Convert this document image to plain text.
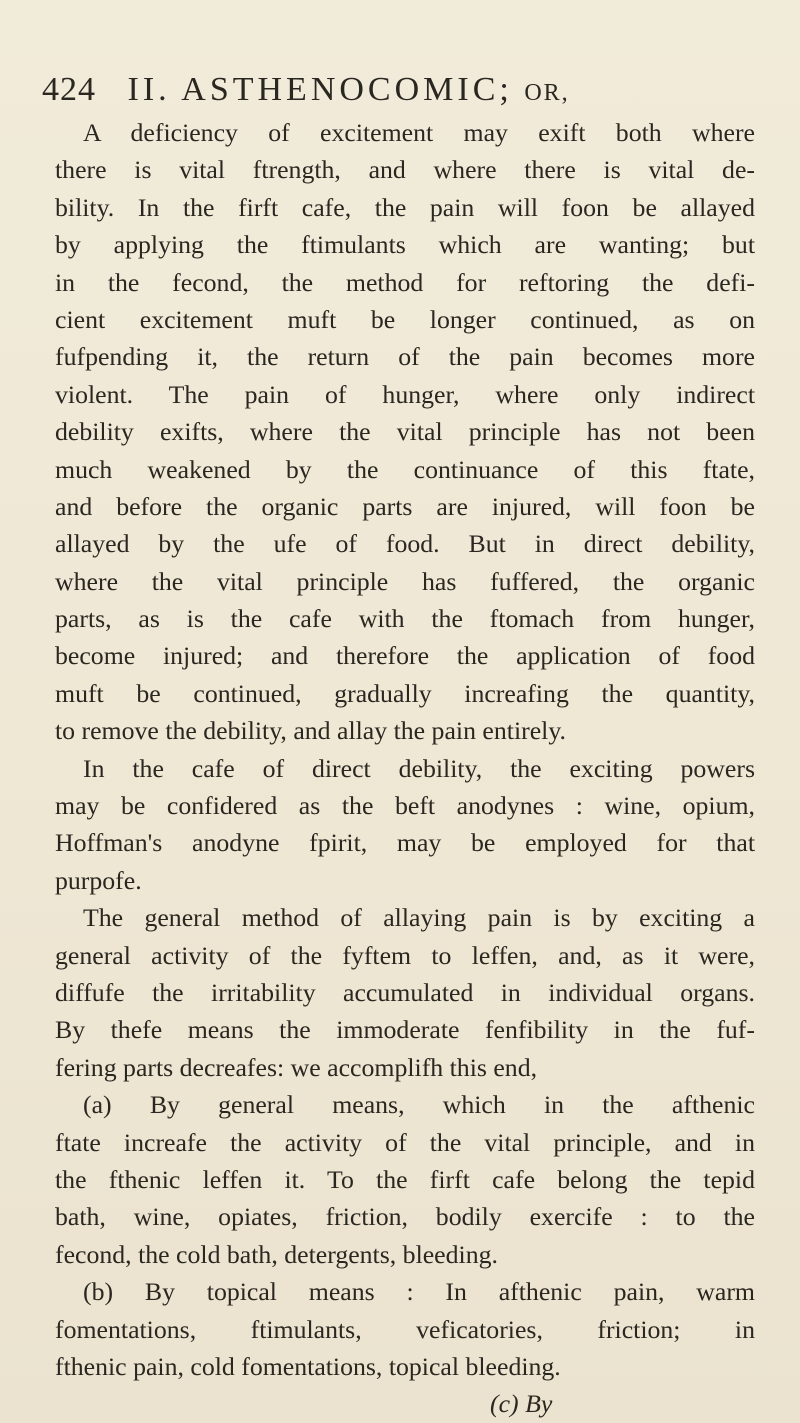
424 II. ASTHENOCOMIC; OR,
A deficiency of excitement may exift both where
there is vital ftrength, and where there is vital de-
bility. In the firft cafe, the pain will foon be allayed
by applying the ftimulants which are wanting; but
in the fecond, the method for reftoring the defi-
cient excitement muft be longer continued, as on
fufpending it, the return of the pain becomes more
violent. The pain of hunger, where only indirect
debility exifts, where the vital principle has not been
much weakened by the continuance of this ftate,
and before the organic parts are injured, will foon be
allayed by the ufe of food. But in direct debility,
where the vital principle has fuffered, the organic
parts, as is the cafe with the ftomach from hunger,
become injured; and therefore the application of food
muft be continued, gradually increafing the quantity,
to remove the debility, and allay the pain entirely.
In the cafe of direct debility, the exciting powers
may be confidered as the beft anodynes : wine, opium,
Hoffman's anodyne fpirit, may be employed for that
purpofe.
The general method of allaying pain is by exciting a
general activity of the fyftem to leffen, and, as it were,
diffufe the irritability accumulated in individual organs.
By thefe means the immoderate fenfibility in the fuf-
fering parts decreafes: we accomplifh this end,
(a) By general means, which in the afthenic
ftate increafe the activity of the vital principle, and in
the fthenic leffen it. To the firft cafe belong the tepid
bath, wine, opiates, friction, bodily exercife : to the
fecond, the cold bath, detergents, bleeding.
(b) By topical means : In afthenic pain, warm
fomentations, ftimulants, veficatories, friction; in
fthenic pain, cold fomentations, topical bleeding.
(c) By
